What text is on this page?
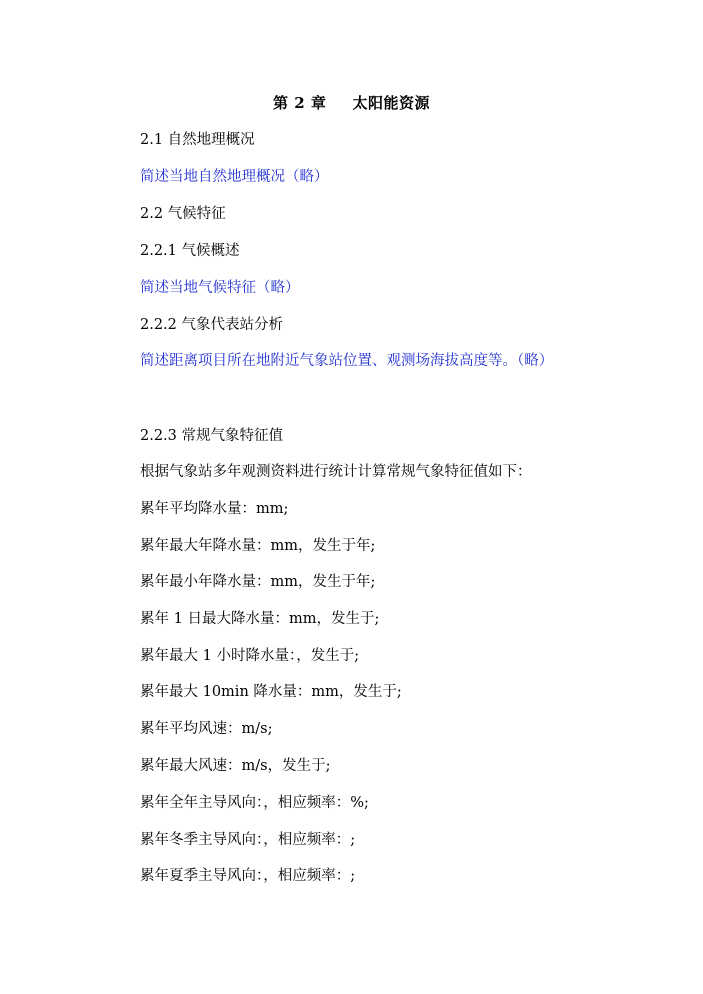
第 2 章 太阳能资源
2.1 自然地理概况
简述当地自然地理概况（略）
2.2 气候特征
2.2.1 气候概述
简述当地气候特征（略）
2.2.2 气象代表站分析
简述距离项目所在地附近气象站位置、观测场海拔高度等。（略）
2.2.3 常规气象特征值
根据气象站多年观测资料进行统计计算常规气象特征值如下：
累年平均降水量：mm;
累年最大年降水量：mm，发生于年;
累年最小年降水量：mm，发生于年;
累年 1 日最大降水量：mm，发生于;
累年最大 1 小时降水量：，发生于;
累年最大 10min 降水量：mm，发生于;
累年平均风速：m/s;
累年最大风速：m/s，发生于;
累年全年主导风向：，相应频率：%;
累年冬季主导风向：，相应频率：;
累年夏季主导风向：，相应频率：;
